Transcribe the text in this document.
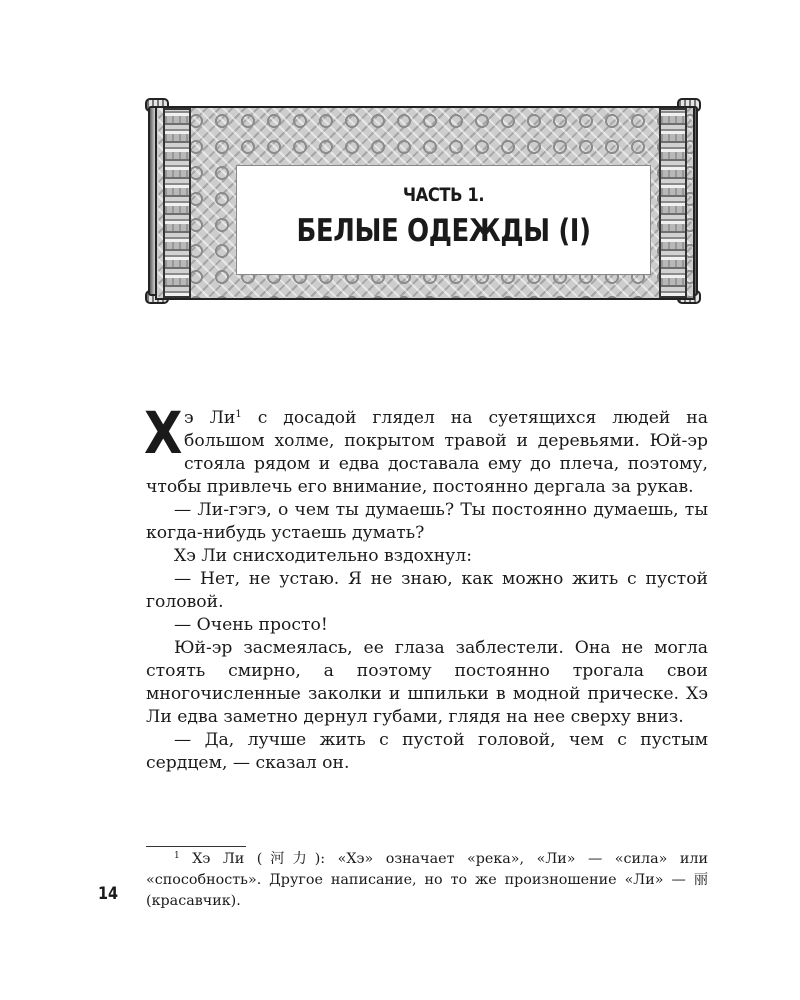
ЧАСТЬ 1.
БЕЛЫЕ ОДЕЖДЫ (I)

Хэ Ли$^1$ с досадой глядел на суетящихся людей на большом холме, покрытом травой и деревьями. Юй-эр стояла рядом и едва доставала ему до плеча, поэтому, чтобы привлечь его внимание, постоянно дергала за рукав.

— Ли-гэгэ, о чем ты думаешь? Ты постоянно думаешь, ты когда-нибудь устаешь думать?

Хэ Ли снисходительно вздохнул:

— Нет, не устаю. Я не знаю, как можно жить с пустой головой.

— Очень просто!

Юй-эр засмеялась, ее глаза заблестели. Она не могла стоять смирно, а поэтому постоянно трогала свои многочисленные заколки и шпильки в модной прическе. Хэ Ли едва заметно дернул губами, глядя на нее сверху вниз.

— Да, лучше жить с пустой головой, чем с пустым сердцем, — сказал он.

$^1$ Хэ Ли (河力): «Хэ» означает «река», «Ли» — «сила» или «способность». Другое написание, но то же произношение «Ли» — 丽 (красавчик).

14
